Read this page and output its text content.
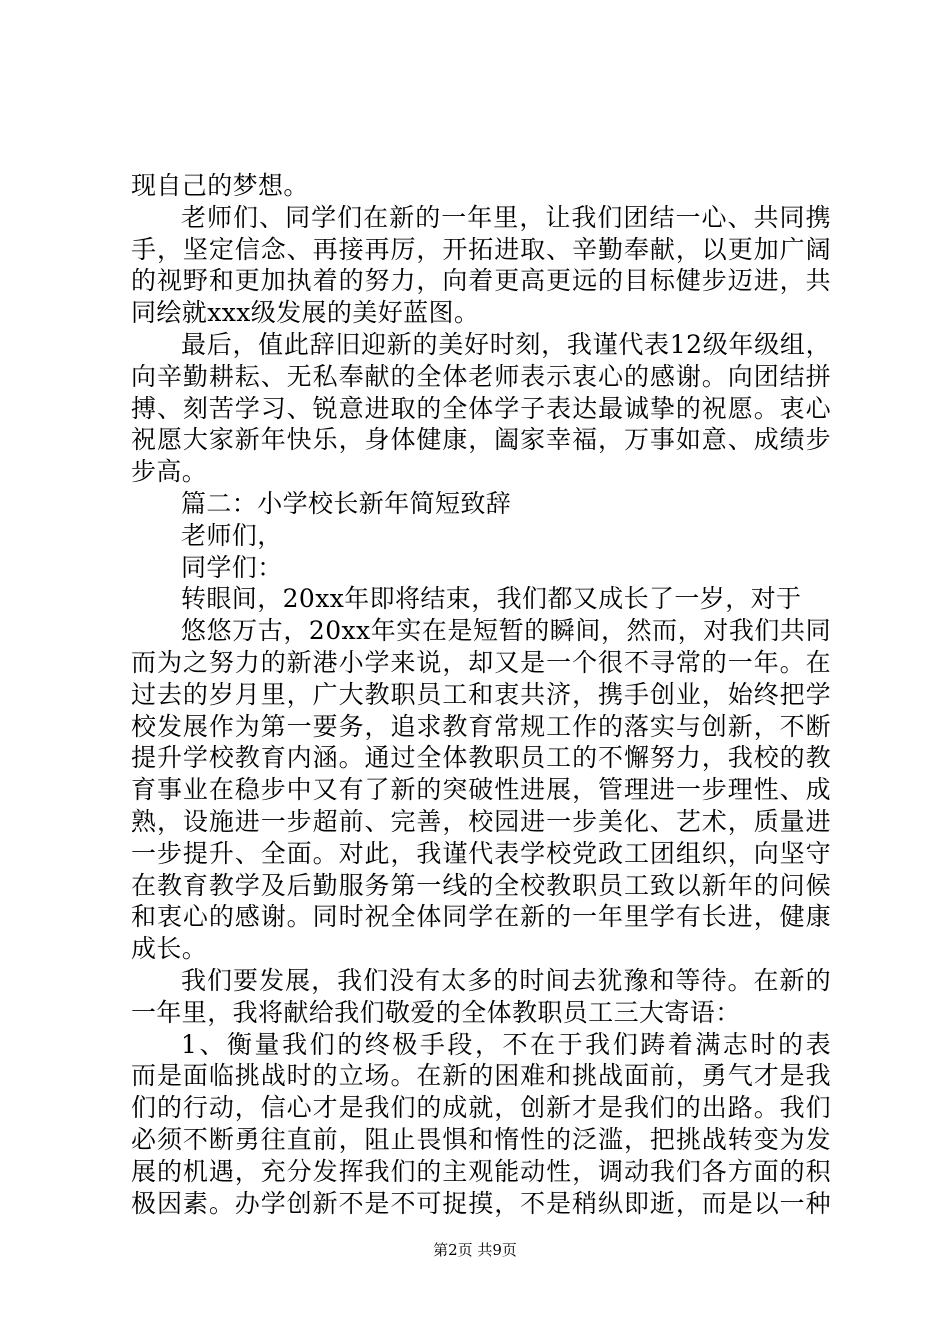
现自己的梦想。
老师们、同学们在新的一年里，让我们团结一心、共同携
手，坚定信念、再接再厉，开拓进取、辛勤奉献，以更加广阔
的视野和更加执着的努力，向着更高更远的目标健步迈进，共
同绘就xxx级发展的美好蓝图。
最后，值此辞旧迎新的美好时刻，我谨代表12级年级组，
向辛勤耕耘、无私奉献的全体老师表示衷心的感谢。向团结拼
搏、刻苦学习、锐意进取的全体学子表达最诚挚的祝愿。衷心
祝愿大家新年快乐，身体健康，阖家幸福，万事如意、成绩步
步高。
篇二：小学校长新年简短致辞
老师们，
同学们：
转眼间，20xx年即将结束，我们都又成长了一岁，对于
悠悠万古，20xx年实在是短暂的瞬间，然而，对我们共同
而为之努力的新港小学来说，却又是一个很不寻常的一年。在
过去的岁月里，广大教职员工和衷共济，携手创业，始终把学
校发展作为第一要务，追求教育常规工作的落实与创新，不断
提升学校教育内涵。通过全体教职员工的不懈努力，我校的教
育事业在稳步中又有了新的突破性进展，管理进一步理性、成
熟，设施进一步超前、完善，校园进一步美化、艺术，质量进
一步提升、全面。对此，我谨代表学校党政工团组织，向坚守
在教育教学及后勤服务第一线的全校教职员工致以新年的问候
和衷心的感谢。同时祝全体同学在新的一年里学有长进，健康
成长。
我们要发展，我们没有太多的时间去犹豫和等待。在新的
一年里，我将献给我们敬爱的全体教职员工三大寄语：
1、衡量我们的终极手段，不在于我们踌着满志时的表
而是面临挑战时的立场。在新的困难和挑战面前，勇气才是我
们的行动，信心才是我们的成就，创新才是我们的出路。我们
必须不断勇往直前，阻止畏惧和惰性的泛滥，把挑战转变为发
展的机遇，充分发挥我们的主观能动性，调动我们各方面的积
极因素。办学创新不是不可捉摸，不是稍纵即逝，而是以一种
第2页 共9页
